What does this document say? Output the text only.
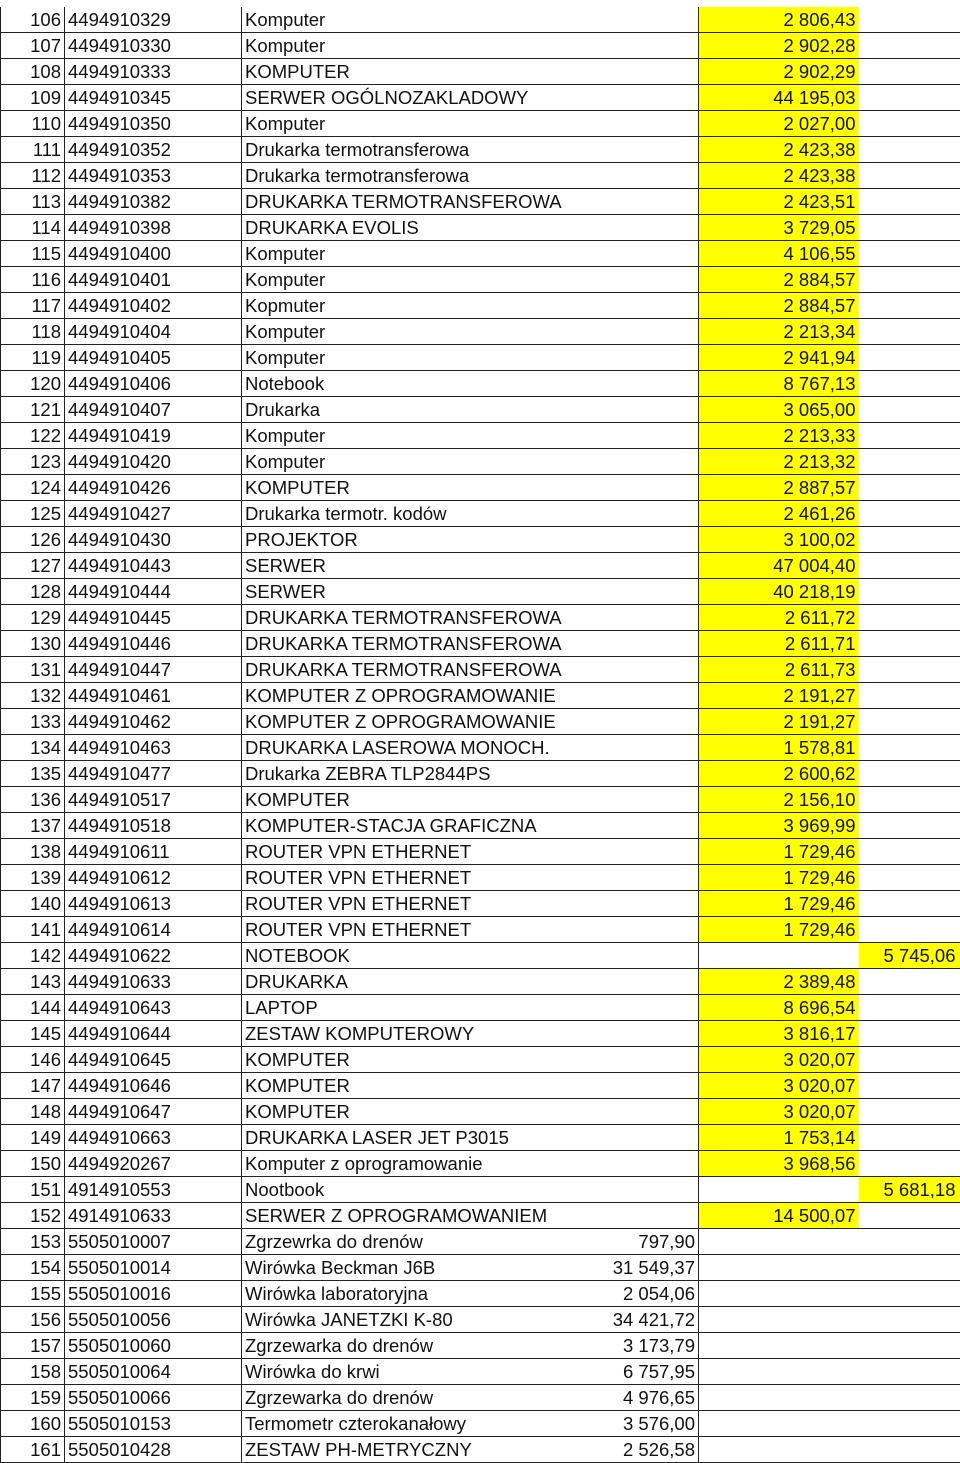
106	4494910329	Komputer		2 806,43	
107	4494910330	Komputer		2 902,28	
108	4494910333	KOMPUTER		2 902,29	
109	4494910345	SERWER OGÓLNOZAKLADOWY		44 195,03	
110	4494910350	Komputer		2 027,00	
111	4494910352	Drukarka termotransferowa		2 423,38	
112	4494910353	Drukarka termotransferowa		2 423,38	
113	4494910382	DRUKARKA TERMOTRANSFEROWA		2 423,51	
114	4494910398	DRUKARKA EVOLIS		3 729,05	
115	4494910400	Komputer		4 106,55	
116	4494910401	Komputer		2 884,57	
117	4494910402	Kopmuter		2 884,57	
118	4494910404	Komputer		2 213,34	
119	4494910405	Komputer		2 941,94	
120	4494910406	Notebook		8 767,13	
121	4494910407	Drukarka		3 065,00	
122	4494910419	Komputer		2 213,33	
123	4494910420	Komputer		2 213,32	
124	4494910426	KOMPUTER		2 887,57	
125	4494910427	Drukarka termotr. kodów		2 461,26	
126	4494910430	PROJEKTOR		3 100,02	
127	4494910443	SERWER		47 004,40	
128	4494910444	SERWER		40 218,19	
129	4494910445	DRUKARKA TERMOTRANSFEROWA		2 611,72	
130	4494910446	DRUKARKA TERMOTRANSFEROWA		2 611,71	
131	4494910447	DRUKARKA TERMOTRANSFEROWA		2 611,73	
132	4494910461	KOMPUTER Z OPROGRAMOWANIE		2 191,27	
133	4494910462	KOMPUTER Z OPROGRAMOWANIE		2 191,27	
134	4494910463	DRUKARKA LASEROWA MONOCH.		1 578,81	
135	4494910477	Drukarka ZEBRA TLP2844PS		2 600,62	
136	4494910517	KOMPUTER		2 156,10	
137	4494910518	KOMPUTER-STACJA GRAFICZNA		3 969,99	
138	4494910611	ROUTER VPN ETHERNET		1 729,46	
139	4494910612	ROUTER VPN ETHERNET		1 729,46	
140	4494910613	ROUTER VPN ETHERNET		1 729,46	
141	4494910614	ROUTER VPN ETHERNET		1 729,46	
142	4494910622	NOTEBOOK			5 745,06
143	4494910633	DRUKARKA		2 389,48	
144	4494910643	LAPTOP		8 696,54	
145	4494910644	ZESTAW KOMPUTEROWY		3 816,17	
146	4494910645	KOMPUTER		3 020,07	
147	4494910646	KOMPUTER		3 020,07	
148	4494910647	KOMPUTER		3 020,07	
149	4494910663	DRUKARKA LASER JET P3015		1 753,14	
150	4494920267	Komputer z oprogramowanie		3 968,56	
151	4914910553	Nootbook			5 681,18
152	4914910633	SERWER Z OPROGRAMOWANIEM		14 500,07	
153	5505010007	Zgrzewrka do drenów	797,90		
154	5505010014	Wirówka Beckman J6B	31 549,37		
155	5505010016	Wirówka laboratoryjna	2 054,06		
156	5505010056	Wirówka JANETZKI K-80	34 421,72		
157	5505010060	Zgrzewarka do drenów	3 173,79		
158	5505010064	Wirówka do krwi	6 757,95		
159	5505010066	Zgrzewarka do drenów	4 976,65		
160	5505010153	Termometr czterokanałowy	3 576,00		
161	5505010428	ZESTAW PH-METRYCZNY	2 526,58		
